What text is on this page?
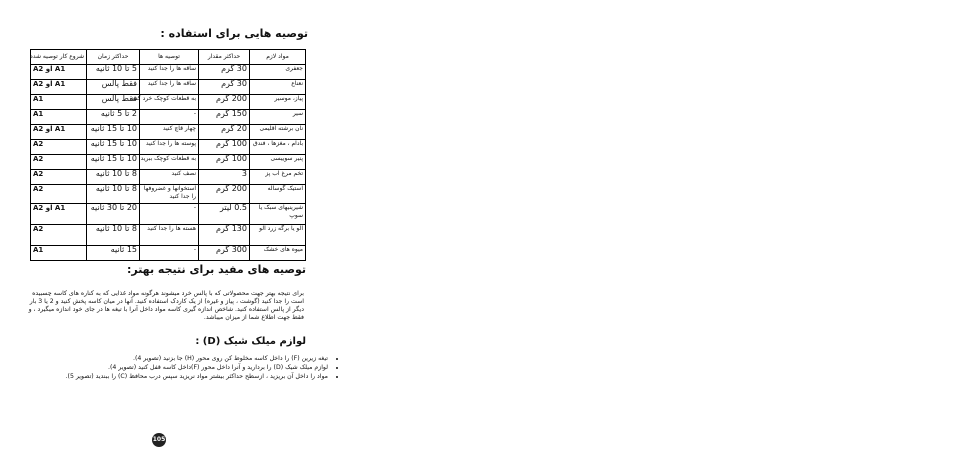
توصیه هایی برای استفاده :
مواد لازم	حداکثر مقدار	توصیه ها	حداکثر زمان	شروع کار توصیه شده
جعفری	30 گرم	ساقه ها را جدا کنید	5 تا 10 ثانیه	A1 او A2
نعناع	30 گرم	ساقه ها را جدا کنید	فقط پالس	A1 او A2
پیاز، موسیر	200 گرم	به قطعات کوچک خرد کنید	فقط پالس	A1
سیر	150 گرم	-	2 تا 5 ثانیه	A1
نان برشته اقلیمی	20 گرم	چهار قاچ کنید	10 تا 15 ثانیه	A1 او A2
بادام ، مغزها ، فندق	100 گرم	پوسته ها را جدا کنید	10 تا 15 ثانیه	A2
پنیر سوییسی	100 گرم	به قطعات کوچک ببرید	10 تا 15 ثانیه	A2
تخم مرغ آب پز	3	نصف کنید	8 تا 10 ثانیه	A2
استیک گوساله	200 گرم	استخوانها و غضروفها را جدا کنید	8 تا 10 ثانیه	A2
شیرینیهای سبک یا سوپ	0.5 لیتر	-	20 تا 30 ثانیه	A1 او A2
آلو یا برگه زرد آلو	130 گرم	هسته ها را جدا کنید	8 تا 10 ثانیه	A2
میوه های خشک	300 گرم	-	15 ثانیه	A1
توصیه های مفید برای نتیجه بهتر:
برای نتیجه بهتر جهت محصولاتی که با پالس خرد میشوند هرگونه مواد غذایی که به کناره های کاسه چسبیده است را جدا کنید (گوشت ، پیاز و غیره) از یک کاردک استفاده کنید. آنها در میان کاسه پخش کنید و 2 یا 3 بار دیگر از پالس استفاده کنید. شاخص اندازه گیری کاسه مواد داخل آنرا با تیغه ها در جای خود اندازه میگیرد ، و فقط جهت اطلاع شما از میزان میباشد.
لوازم میلک شیک (D) :
• تیغه زیرین (F) را داخل کاسه مخلوط کن روی محور (H) جا بزنید (تصویر 4).
• لوازم میلک شیک (D) را بردارید و آنرا داخل محور (F)داخل کاسه قفل کنید (تصویر 4).
• مواد را داخل آن بریزید ، ازسطح حداکثر بیشتر مواد نریزید سپس درب محافظ (C) را ببندید (تصویر 5).
105
